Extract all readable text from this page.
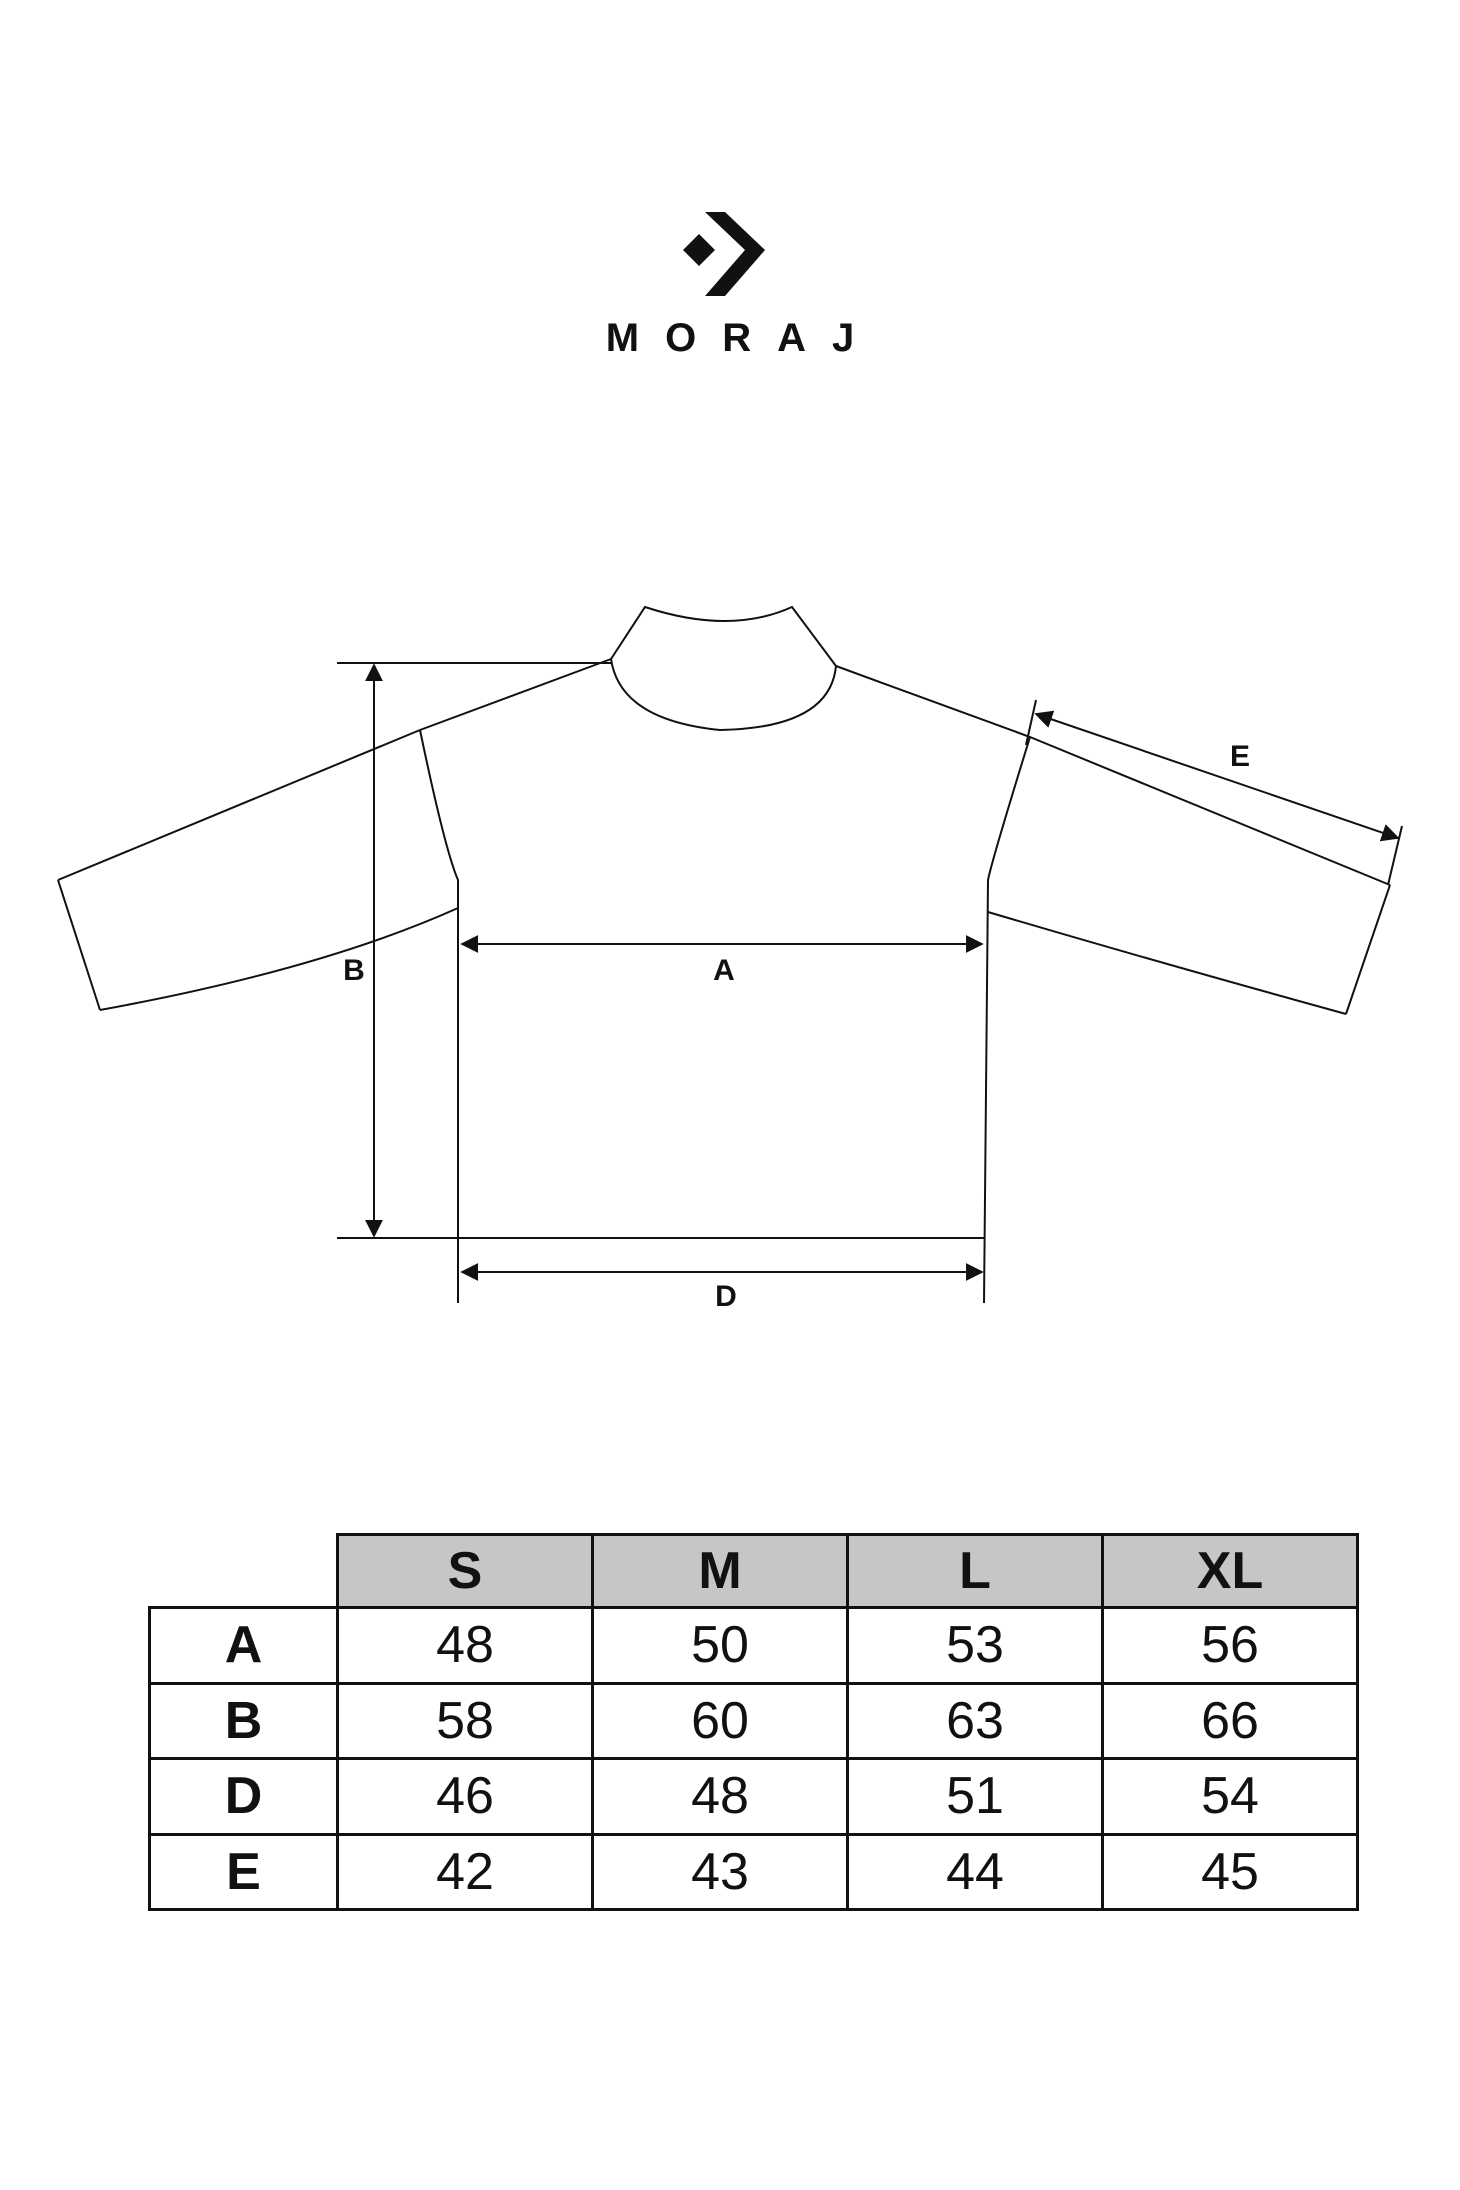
MORAJ
A
B
D
E
	S	M	L	XL
A	48	50	53	56
B	58	60	63	66
D	46	48	51	54
E	42	43	44	45
